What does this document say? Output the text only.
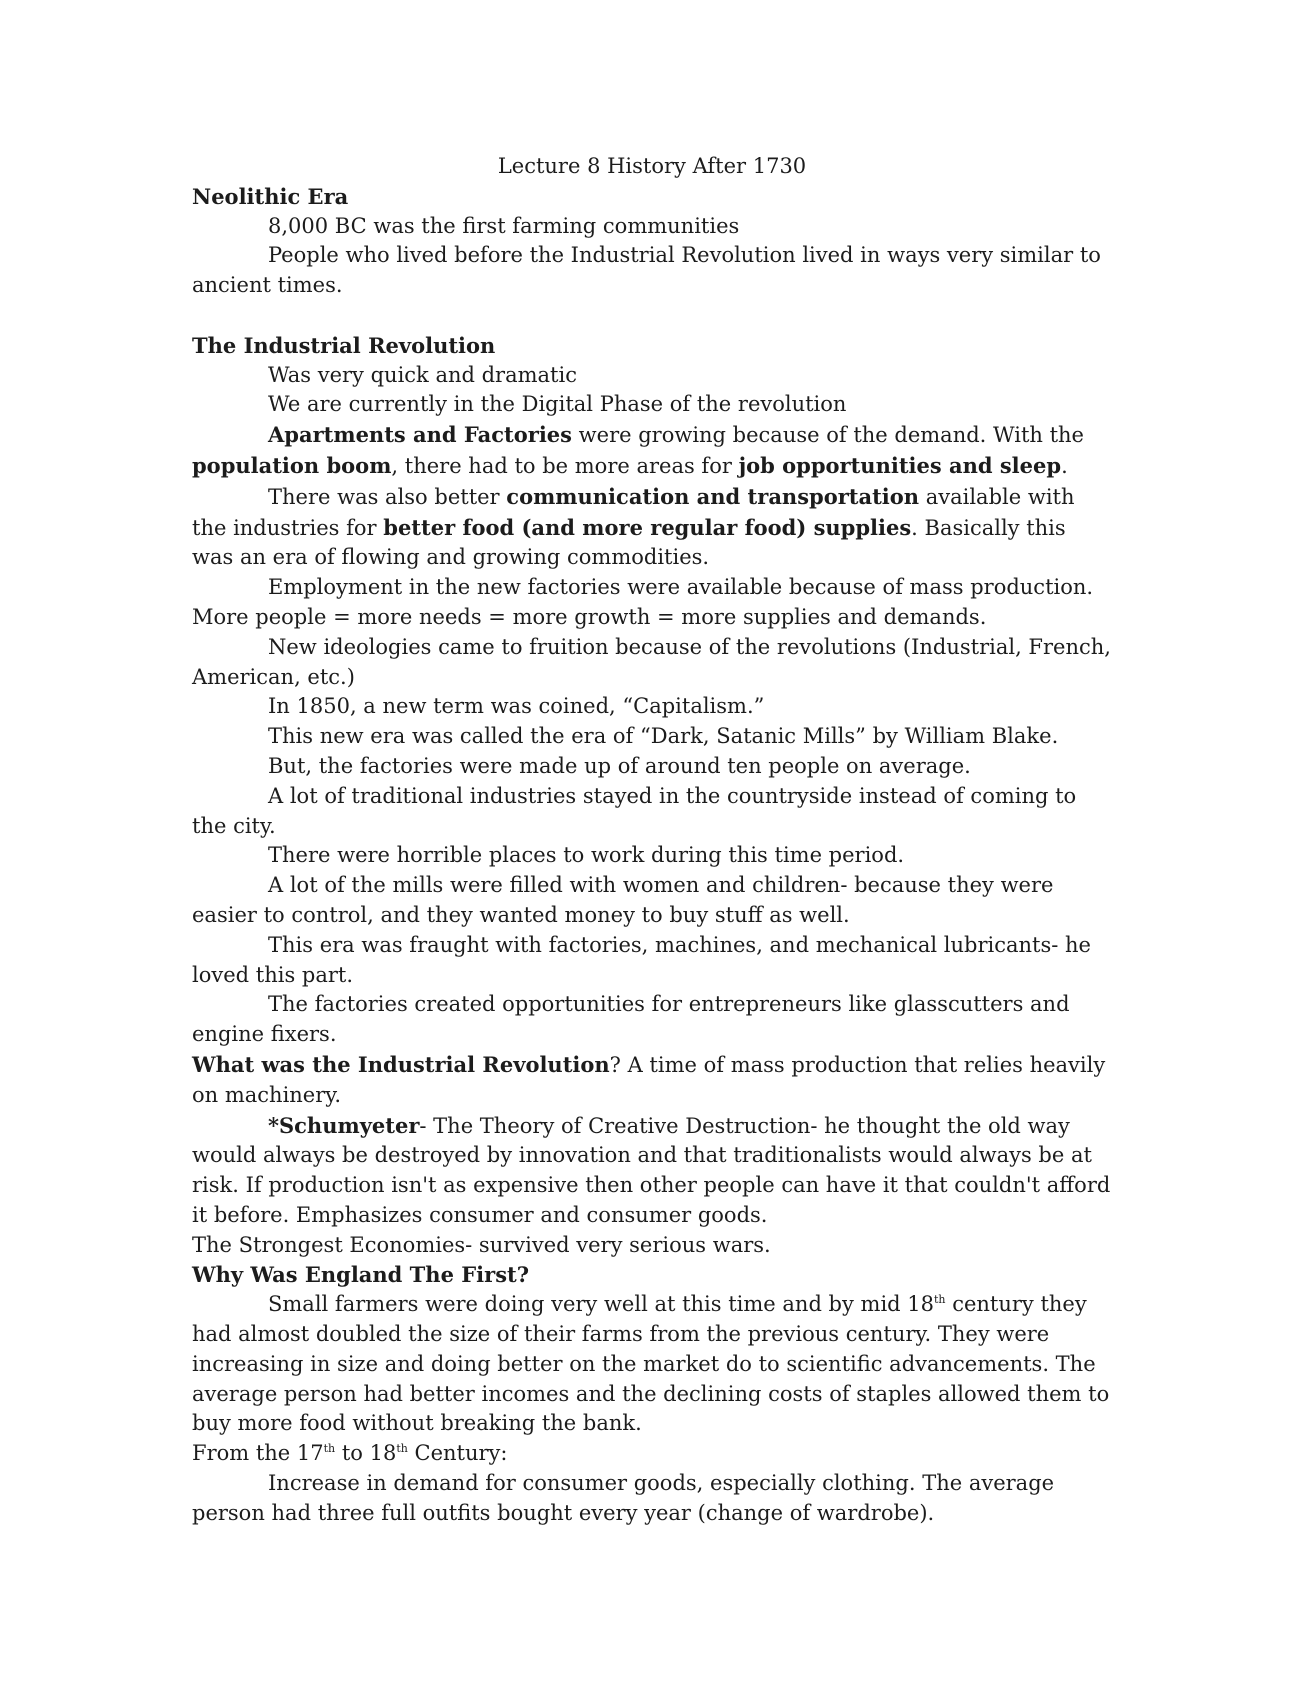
Lecture 8 History After 1730

Neolithic Era

8,000 BC was the first farming communities

People who lived before the Industrial Revolution lived in ways very similar to ancient times.

The Industrial Revolution

Was very quick and dramatic

We are currently in the Digital Phase of the revolution

Apartments and Factories were growing because of the demand. With the population boom, there had to be more areas for job opportunities and sleep.

There was also better communication and transportation available with the industries for better food (and more regular food) supplies. Basically this was an era of flowing and growing commodities.

Employment in the new factories were available because of mass production. More people = more needs = more growth = more supplies and demands.

New ideologies came to fruition because of the revolutions (Industrial, French, American, etc.)

In 1850, a new term was coined, “Capitalism.”

This new era was called the era of “Dark, Satanic Mills” by William Blake.

But, the factories were made up of around ten people on average.

A lot of traditional industries stayed in the countryside instead of coming to the city.

There were horrible places to work during this time period.

A lot of the mills were filled with women and children- because they were easier to control, and they wanted money to buy stuff as well.

This era was fraught with factories, machines, and mechanical lubricants- he loved this part.

The factories created opportunities for entrepreneurs like glasscutters and engine fixers.

What was the Industrial Revolution? A time of mass production that relies heavily on machinery.

*Schumyeter- The Theory of Creative Destruction- he thought the old way would always be destroyed by innovation and that traditionalists would always be at risk. If production isn't as expensive then other people can have it that couldn't afford it before. Emphasizes consumer and consumer goods.

The Strongest Economies- survived very serious wars.

Why Was England The First?

Small farmers were doing very well at this time and by mid 18th century they had almost doubled the size of their farms from the previous century. They were increasing in size and doing better on the market do to scientific advancements. The average person had better incomes and the declining costs of staples allowed them to buy more food without breaking the bank.

From the 17th to 18th Century:

Increase in demand for consumer goods, especially clothing. The average person had three full outfits bought every year (change of wardrobe).
